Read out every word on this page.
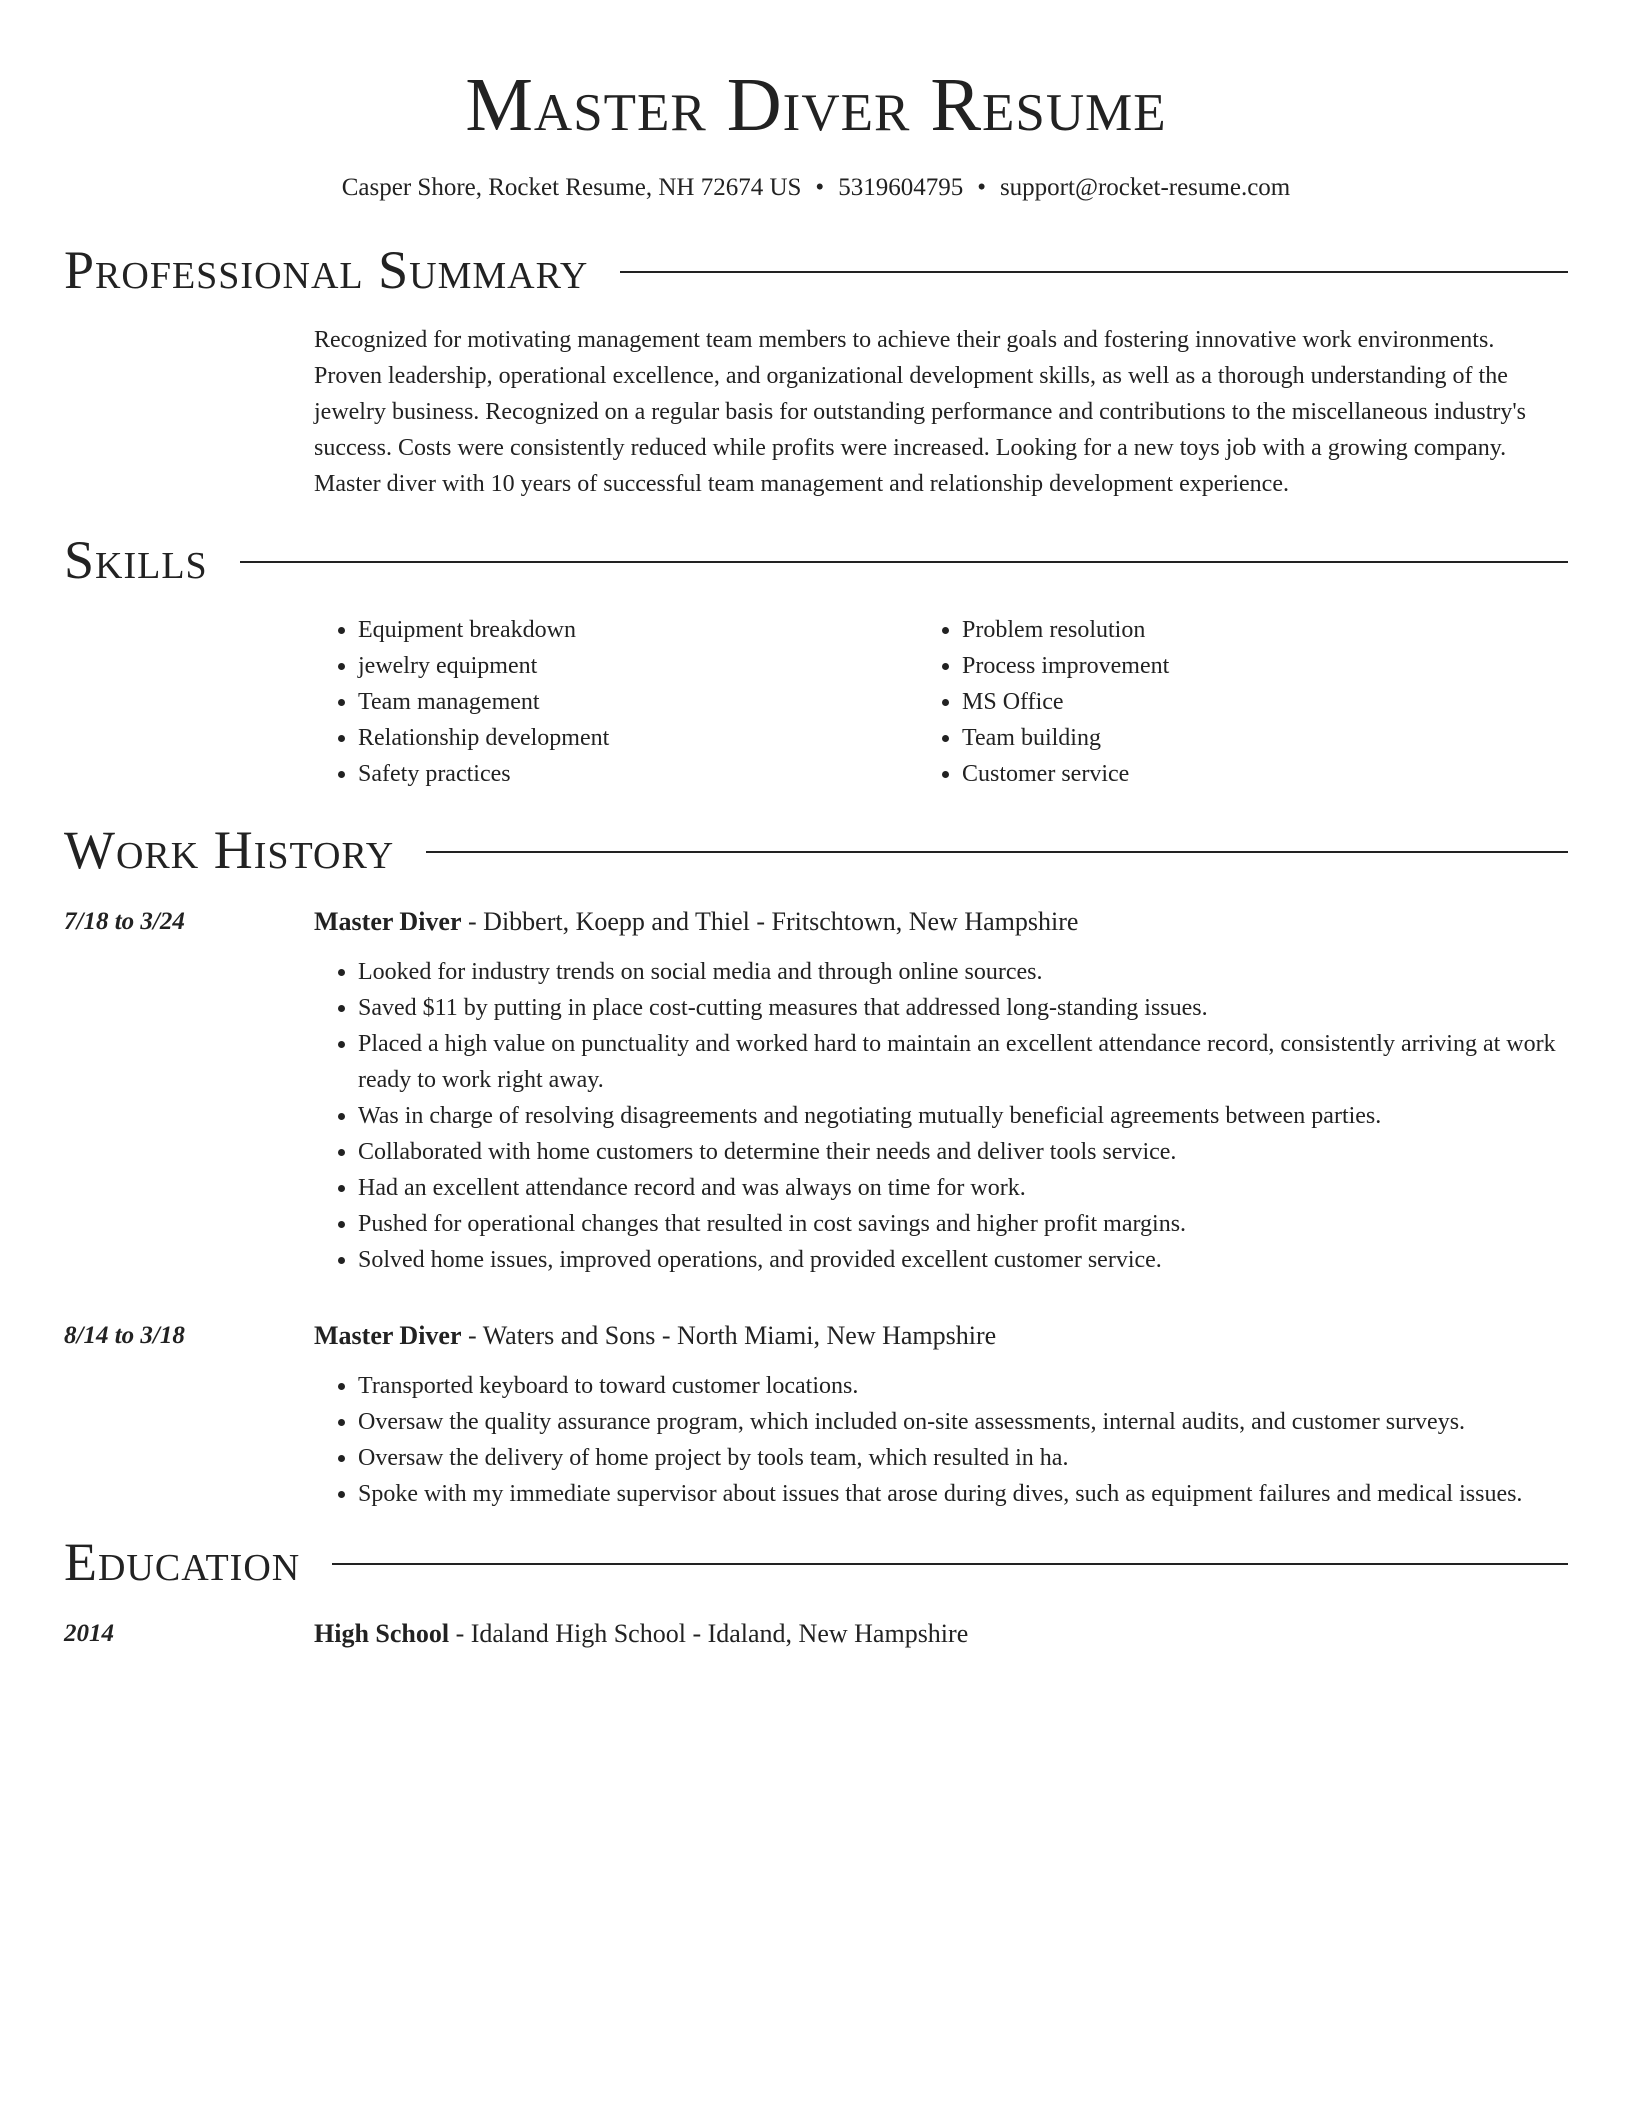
Master Diver Resume
Casper Shore, Rocket Resume, NH 72674 US • 5319604795 • support@rocket-resume.com
Professional Summary

Recognized for motivating management team members to achieve their goals and fostering innovative work environments. Proven leadership, operational excellence, and organizational development skills, as well as a thorough understanding of the jewelry business. Recognized on a regular basis for outstanding performance and contributions to the miscellaneous industry's success. Costs were consistently reduced while profits were increased. Looking for a new toys job with a growing company. Master diver with 10 years of successful team management and relationship development experience.

Skills
• Equipment breakdown
• jewelry equipment
• Team management
• Relationship development
• Safety practices
• Problem resolution
• Process improvement
• MS Office
• Team building
• Customer service
Work History
7/18 to 3/24	Master Diver - Dibbert, Koepp and Thiel - Fritschtown, New Hampshire
• Looked for industry trends on social media and through online sources.
• Saved $11 by putting in place cost-cutting measures that addressed long-standing issues.
• Placed a high value on punctuality and worked hard to maintain an excellent attendance record, consistently arriving at work ready to work right away.
• Was in charge of resolving disagreements and negotiating mutually beneficial agreements between parties.
• Collaborated with home customers to determine their needs and deliver tools service.
• Had an excellent attendance record and was always on time for work.
• Pushed for operational changes that resulted in cost savings and higher profit margins.
• Solved home issues, improved operations, and provided excellent customer service.
8/14 to 3/18	Master Diver - Waters and Sons - North Miami, New Hampshire
• Transported keyboard to toward customer locations.
• Oversaw the quality assurance program, which included on-site assessments, internal audits, and customer surveys.
• Oversaw the delivery of home project by tools team, which resulted in ha.
• Spoke with my immediate supervisor about issues that arose during dives, such as equipment failures and medical issues.
Education
2014	High School - Idaland High School - Idaland, New Hampshire
